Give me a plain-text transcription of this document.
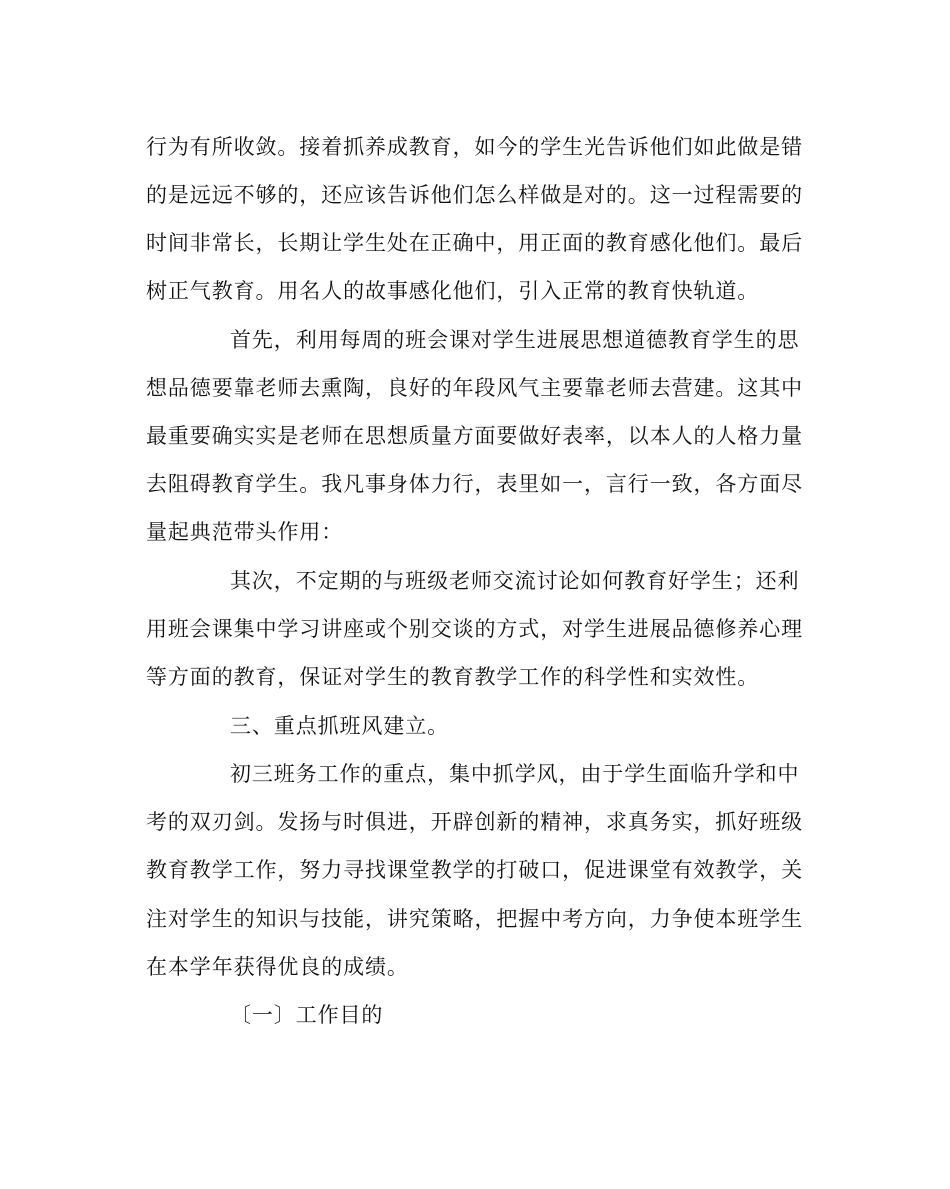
行为有所收敛。接着抓养成教育，如今的学生光告诉他们如此做是错
的是远远不够的，还应该告诉他们怎么样做是对的。这一过程需要的
时间非常长，长期让学生处在正确中，用正面的教育感化他们。最后
树正气教育。用名人的故事感化他们，引入正常的教育快轨道。
首先，利用每周的班会课对学生进展思想道德教育学生的思
想品德要靠老师去熏陶，良好的年段风气主要靠老师去营建。这其中
最重要确实实是老师在思想质量方面要做好表率，以本人的人格力量
去阻碍教育学生。我凡事身体力行，表里如一，言行一致，各方面尽
量起典范带头作用：
其次，不定期的与班级老师交流讨论如何教育好学生；还利
用班会课集中学习讲座或个别交谈的方式，对学生进展品德修养心理
等方面的教育，保证对学生的教育教学工作的科学性和实效性。
三、重点抓班风建立。
初三班务工作的重点，集中抓学风，由于学生面临升学和中
考的双刃剑。发扬与时俱进，开辟创新的精神，求真务实，抓好班级
教育教学工作，努力寻找课堂教学的打破口，促进课堂有效教学，关
注对学生的知识与技能，讲究策略，把握中考方向，力争使本班学生
在本学年获得优良的成绩。
〔一〕工作目的
